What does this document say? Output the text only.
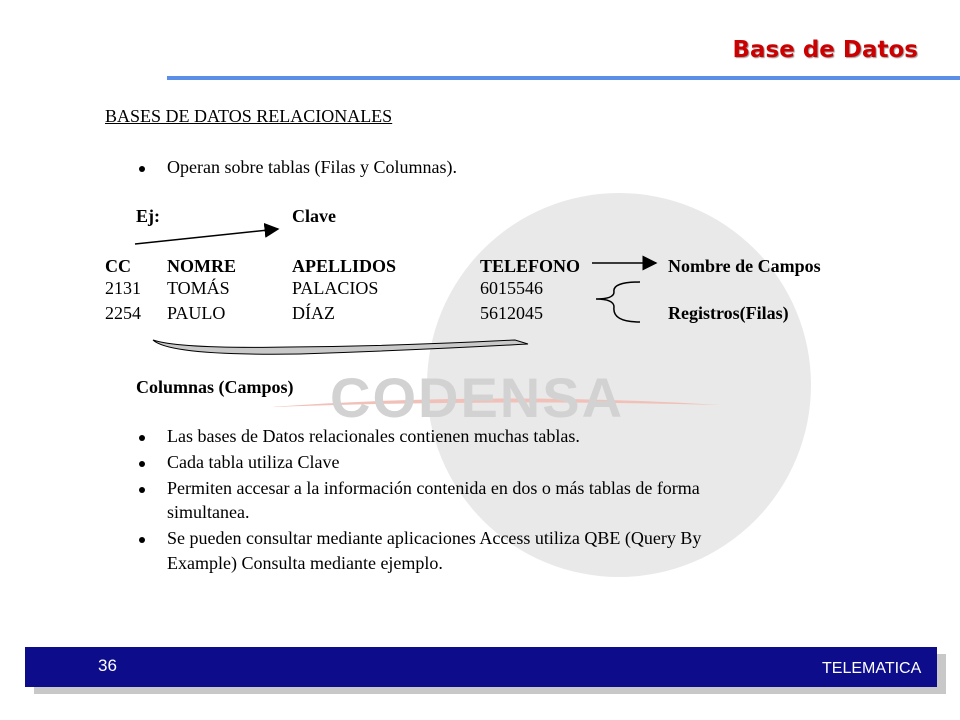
CODENSA
Base de Datos
BASES DE DATOS RELACIONALES
Operan sobre tablas (Filas y Columnas).
Ej:	Clave
CC NOMRE	APELLIDOS	TELEFONO	Nombre de Campos
2131 TOMÁS	PALACIOS	6015546
2254 PAULO	DÍAZ	5612045	Registros(Filas)
Columnas (Campos)
Las bases de Datos relacionales contienen muchas tablas.
Cada tabla utiliza Clave
Permiten accesar a la información contenida en dos o más tablas de forma
simultanea.
Se pueden consultar mediante aplicaciones Access utiliza QBE (Query By
Example) Consulta mediante ejemplo.
36	TELEMATICA
